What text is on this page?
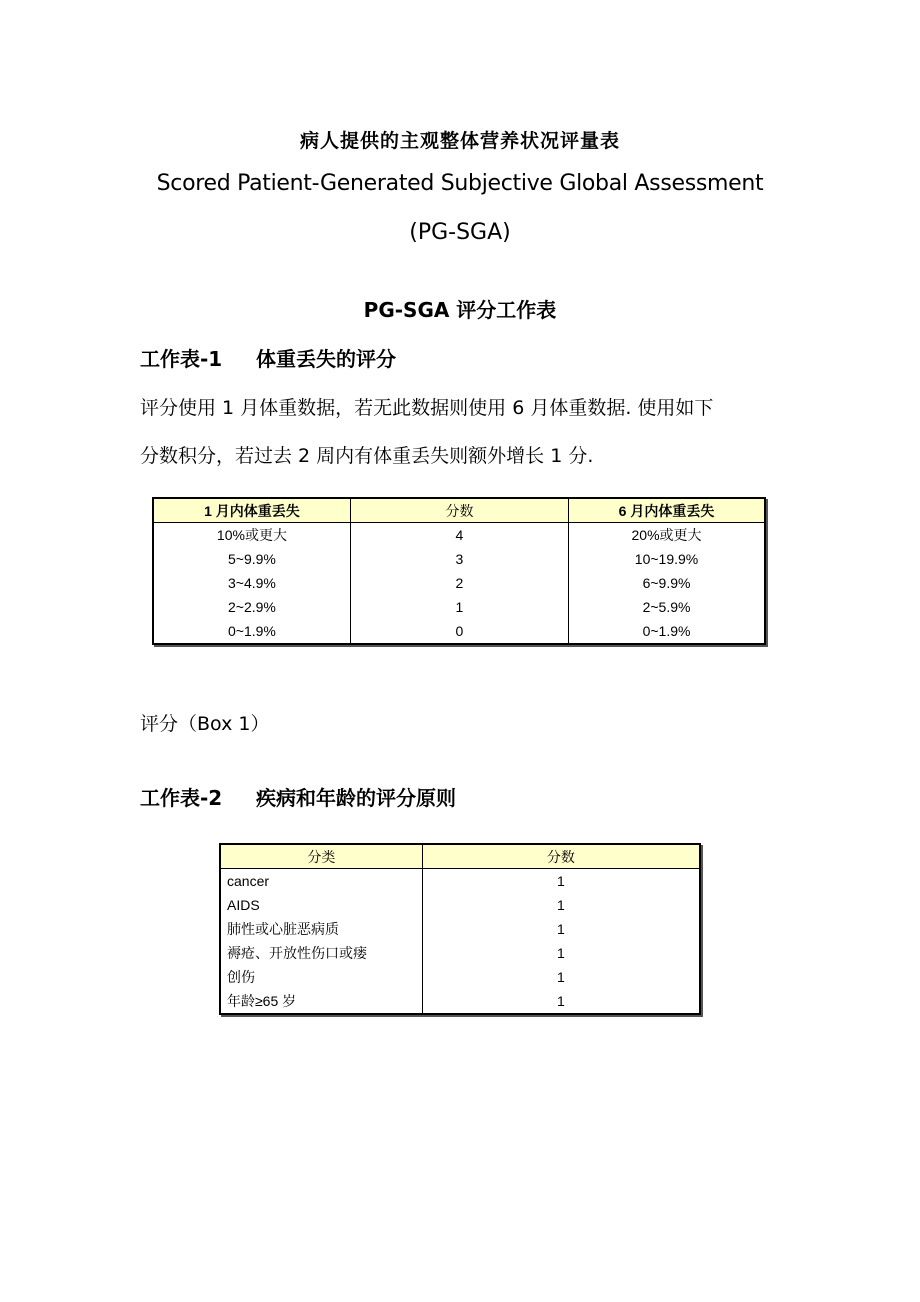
病人提供的主观整体营养状况评量表
Scored Patient-Generated Subjective Global Assessment
(PG-SGA)
PG-SGA 评分工作表
工作表-1 体重丢失的评分
评分使用 1 月体重数据，若无此数据则使用 6 月体重数据. 使用如下
分数积分，若过去 2 周内有体重丢失则额外增长 1 分.
1 月内体重丢失	分数	6 月内体重丢失
10%或更大	4	20%或更大
5~9.9%	3	10~19.9%
3~4.9%	2	6~9.9%
2~2.9%	1	2~5.9%
0~1.9%	0	0~1.9%
评分（Box 1）
工作表-2 疾病和年龄的评分原则
分类	分数
cancer	1
AIDS	1
肺性或心脏恶病质	1
褥疮、开放性伤口或瘘	1
创伤	1
年龄≥65 岁	1
